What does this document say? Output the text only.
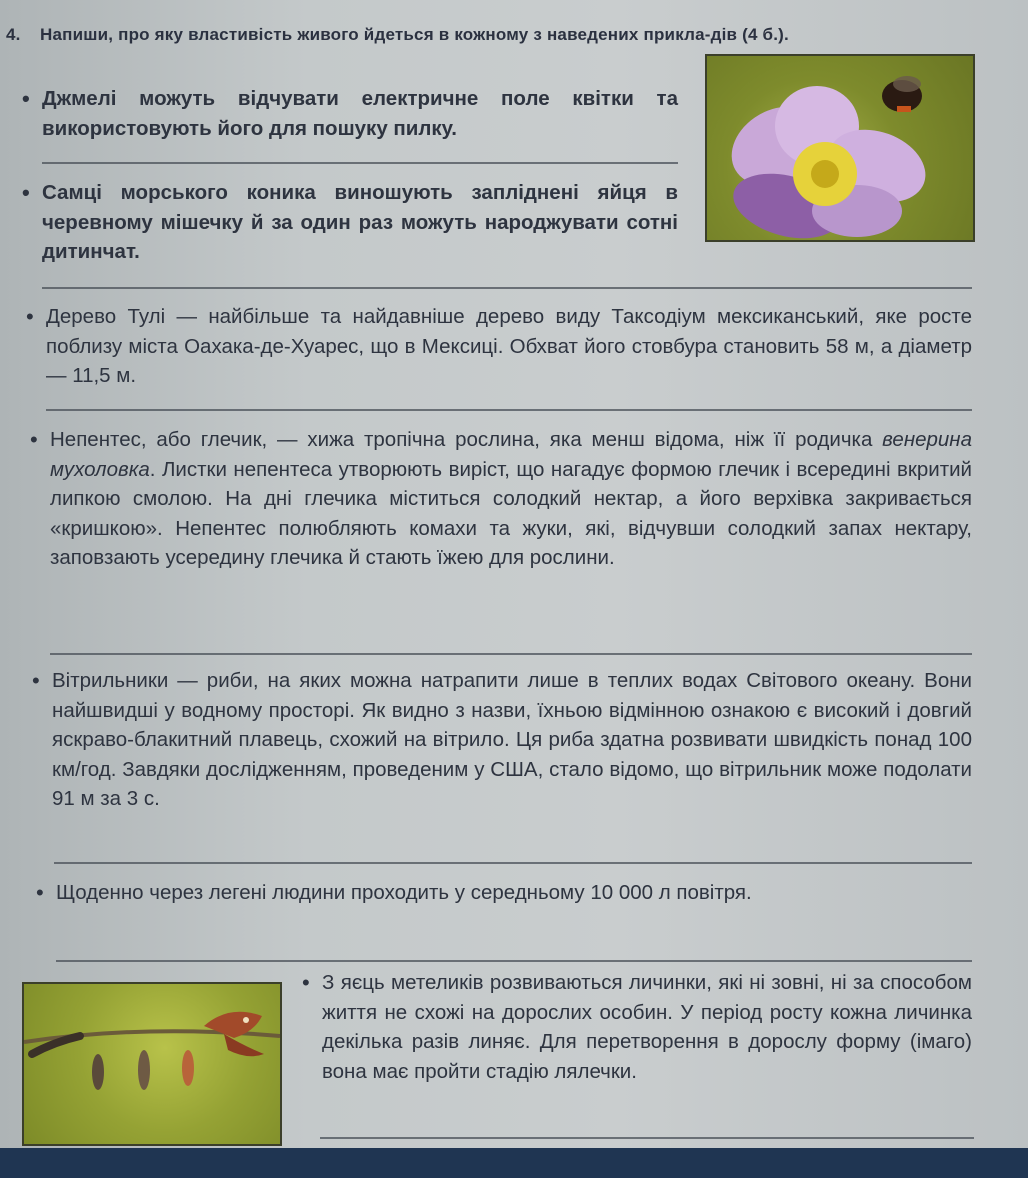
4. Напиши, про яку властивість живого йдеться в кожному з наведених прикла-дів (4 б.).
• Джмелі можуть відчувати електричне поле квітки та використовують його для пошуку пилку.
• Самці морського коника виношують запліднені яйця в черевному мішечку й за один раз можуть народжувати сотні дитинчат.
• Дерево Тулі — найбільше та найдавніше дерево виду Таксодіум мексиканський, яке росте поблизу міста Оахака-де-Хуарес, що в Мексиці. Обхват його стовбура становить 58 м, а діаметр — 11,5 м.
• Непентес, або глечик, — хижа тропічна рослина, яка менш відома, ніж її родичка венерина мухоловка. Листки непентеса утворюють виріст, що нагадує формою глечик і всередині вкритий липкою смолою. На дні глечика міститься солодкий нектар, а його верхівка закривається «кришкою». Непентес полюбляють комахи та жуки, які, відчувши солодкий запах нектару, заповзають усередину глечика й стають їжею для рослини.
• Вітрильники — риби, на яких можна натрапити лише в теплих водах Світового океану. Вони найшвидші у водному просторі. Як видно з назви, їхньою відмінною ознакою є високий і довгий яскраво-блакитний плавець, схожий на вітрило. Ця риба здатна розвивати швидкість понад 100 км/год. Завдяки дослідженням, проведеним у США, стало відомо, що вітрильник може подолати 91 м за 3 с.
• Щоденно через легені людини проходить у середньому 10 000 л повітря.
• З яєць метеликів розвиваються личинки, які ні зовні, ні за способом життя не схожі на дорослих особин. У період росту кожна личинка декілька разів линяє. Для перетворення в дорослу форму (імаго) вона має пройти стадію лялечки.
